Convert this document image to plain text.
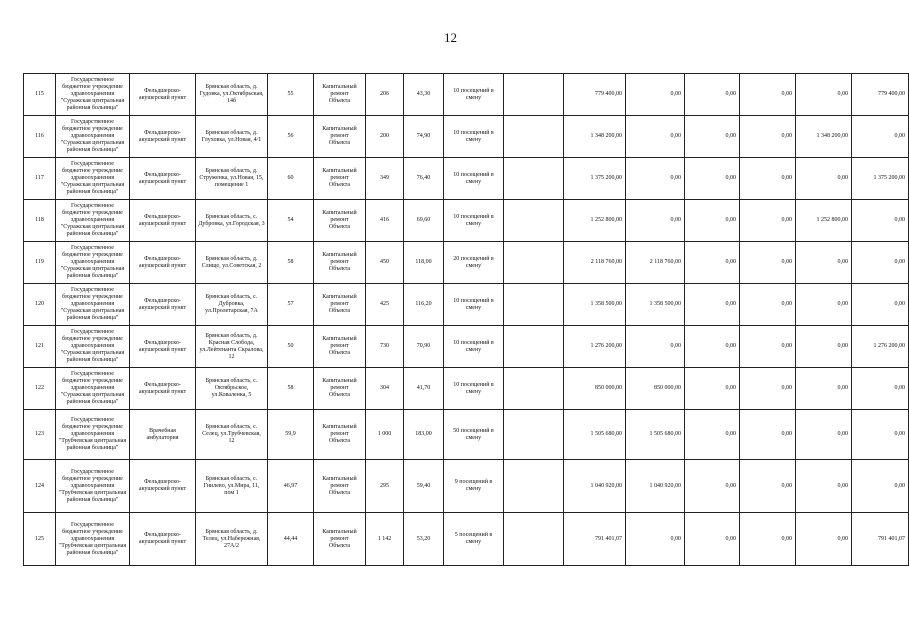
12
115	Государственное
бюджетное учреждение
здравоохранения
"Суражская центральная
районная больница"	Фельдшерско-
акушерский пункт	Брянская область, д.
Гудовка, ул.Октябрьская,
14б	55	Капитальный
ремонт
Объекта	206	43,30	10 посещений в
смену		779 400,00	0,00	0,00	0,00	0,00	779 400,00

116	Государственное
бюджетное учреждение
здравоохранения
"Суражская центральная
районная больница"	Фельдшерско-
акушерский пункт	Брянская область, д.
Глуховка, ул.Новая, 4/1	56	Капитальный
ремонт
Объекта	200	74,90	10 посещений в
смену		1 348 200,00	0,00	0,00	0,00	1 348 200,00	0,00

117	Государственное
бюджетное учреждение
здравоохранения
"Суражская центральная
районная больница"	Фельдшерско-
акушерский пункт	Брянская область, д.
Струженка, ул.Новая, 15,
помещение 1	60	Капитальный
ремонт
Объекта	349	76,40	10 посещений в
смену		1 375 200,00	0,00	0,00	0,00	0,00	1 375 200,00

118	Государственное
бюджетное учреждение
здравоохранения
"Суражская центральная
районная больница"	Фельдшерско-
акушерский пункт	Брянская область, с.
Дубровка, ул.Городская, 3	54	Капитальный
ремонт
Объекта	416	69,60	10 посещений в
смену		1 252 800,00	0,00	0,00	0,00	1 252 800,00	0,00

119	Государственное
бюджетное учреждение
здравоохранения
"Суражская центральная
районная больница"	Фельдшерско-
акушерский пункт	Брянская область, д.
Слище, ул.Советская, 2	58	Капитальный
ремонт
Объекта	450	118,00	20 посещений в
смену		2 118 760,00	2 118 760,00	0,00	0,00	0,00	0,00

120	Государственное
бюджетное учреждение
здравоохранения
"Суражская центральная
районная больница"	Фельдшерско-
акушерский пункт	Брянская область, с.
Дубровка,
ул.Пролетарская, 7А	57	Капитальный
ремонт
Объекта	425	116,20	10 посещений в
смену		1 358 500,00	1 358 500,00	0,00	0,00	0,00	0,00

121	Государственное
бюджетное учреждение
здравоохранения
"Суражская центральная
районная больница"	Фельдшерско-
акушерский пункт	Брянская область, д.
Красная Слобода,
ул.Лейтенанта Скралова,
12	50	Капитальный
ремонт
Объекта	730	70,90	10 посещений в
смену		1 276 200,00	0,00	0,00	0,00	0,00	1 276 200,00

122	Государственное
бюджетное учреждение
здравоохранения
"Суражская центральная
районная больница"	Фельдшерско-
акушерский пункт	Брянская область, с.
Октябрьское,
ул.Коваленка, 5	58	Капитальный
ремонт
Объекта	304	41,70	10 посещений в
смену		850 000,00	850 000,00	0,00	0,00	0,00	0,00

123	Государственное
бюджетное учреждение
здравоохранения
"Трубчевская центральная
районная больница"	Врачебная
амбулатория	Брянская область, с.
Селец, ул.Трубчевская,
12	59,9	Капитальный
ремонт
Объекта	1 000	183,00	50 посещений в
смену		1 505 680,00	1 505 680,00	0,00	0,00	0,00	0,00

124	Государственное
бюджетное учреждение
здравоохранения
"Трубчевская центральная
районная больница"	Фельдшерско-
акушерский пункт	Брянская область, с.
Гнилево, ул.Мира, 11,
пом 1	46,97	Капитальный
ремонт
Объекта	295	59,40	9 посещений в
смену		1 040 920,00	1 040 920,00	0,00	0,00	0,00	0,00

125	Государственное
бюджетное учреждение
здравоохранения
"Трубчевская центральная
районная больница"	Фельдшерско-
акушерский пункт	Брянская область, д.
Телец, ул.Набережная,
27А/2	44,44	Капитальный
ремонт
Объекта	1 142	53,20	5 посещений в
смену		791 401,07	0,00	0,00	0,00	0,00	791 401,07
